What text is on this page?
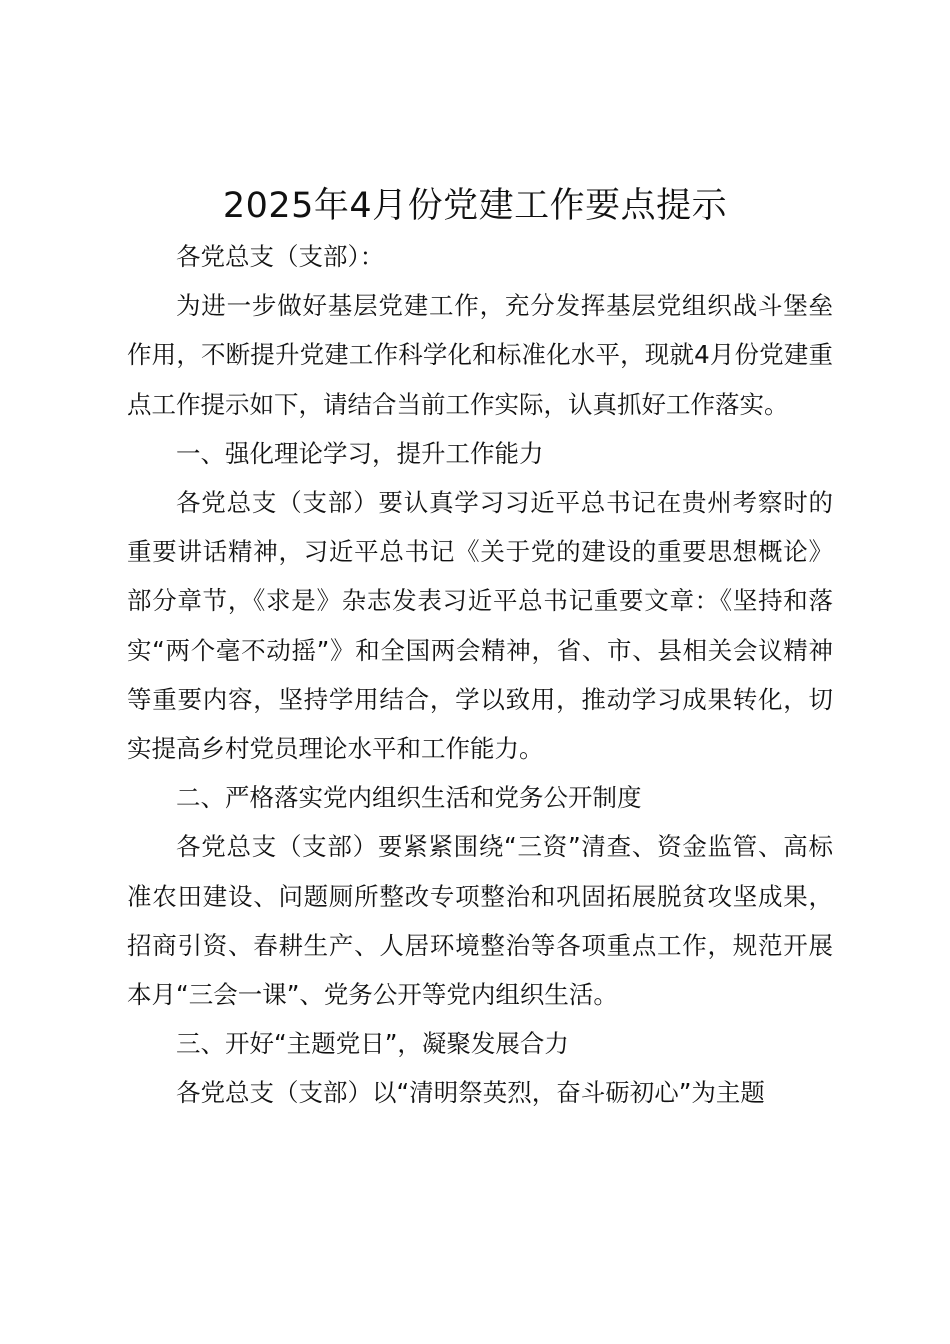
2025年4月份党建工作要点提示

各党总支（支部）：

为进一步做好基层党建工作，充分发挥基层党组织战斗堡垒作用，不断提升党建工作科学化和标准化水平，现就4月份党建重点工作提示如下，请结合当前工作实际，认真抓好工作落实。

一、强化理论学习，提升工作能力

各党总支（支部）要认真学习习近平总书记在贵州考察时的重要讲话精神，习近平总书记《关于党的建设的重要思想概论》部分章节，《求是》杂志发表习近平总书记重要文章：《坚持和落实“两个毫不动摇”》和全国两会精神，省、市、县相关会议精神等重要内容，坚持学用结合，学以致用，推动学习成果转化，切实提高乡村党员理论水平和工作能力。

二、严格落实党内组织生活和党务公开制度

各党总支（支部）要紧紧围绕“三资”清查、资金监管、高标准农田建设、问题厕所整改专项整治和巩固拓展脱贫攻坚成果，招商引资、春耕生产、人居环境整治等各项重点工作，规范开展本月“三会一课”、党务公开等党内组织生活。

三、开好“主题党日”，凝聚发展合力

各党总支（支部）以“清明祭英烈，奋斗砺初心”为主题
